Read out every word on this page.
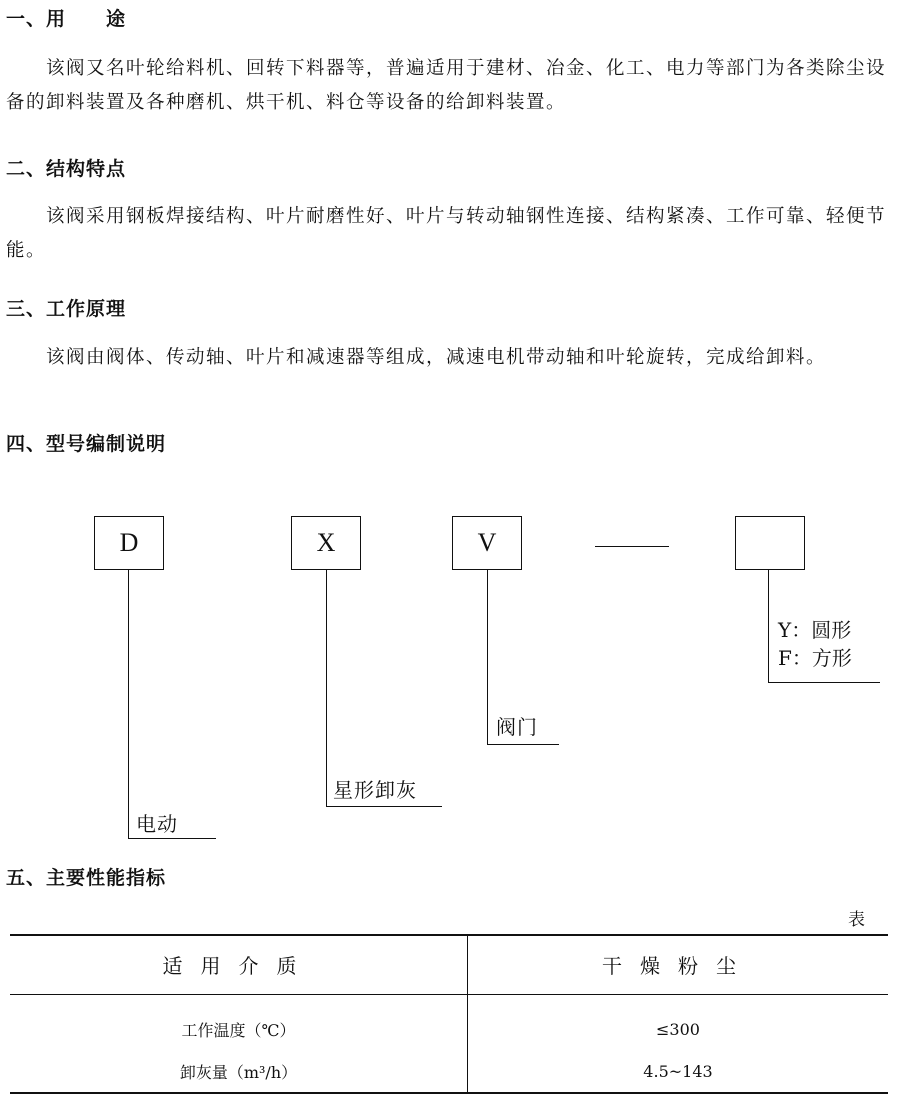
一、用　　途

该阀又名叶轮给料机、回转下料器等，普遍适用于建材、冶金、化工、电力等部门为各类除尘设备的卸料装置及各种磨机、烘干机、料仓等设备的给卸料装置。

二、结构特点

该阀采用钢板焊接结构、叶片耐磨性好、叶片与转动轴钢性连接、结构紧凑、工作可靠、轻便节能。

三、工作原理

该阀由阀体、传动轴、叶片和减速器等组成，减速电机带动轴和叶轮旋转，完成给卸料。

四、型号编制说明
D	X	V
电动
星形卸灰
阀门
Y：圆形
F：方形
五、主要性能指标
表
适用介质	干燥粉尘
工作温度（℃）	≤300
卸灰量（m³/h）	4.5~143
